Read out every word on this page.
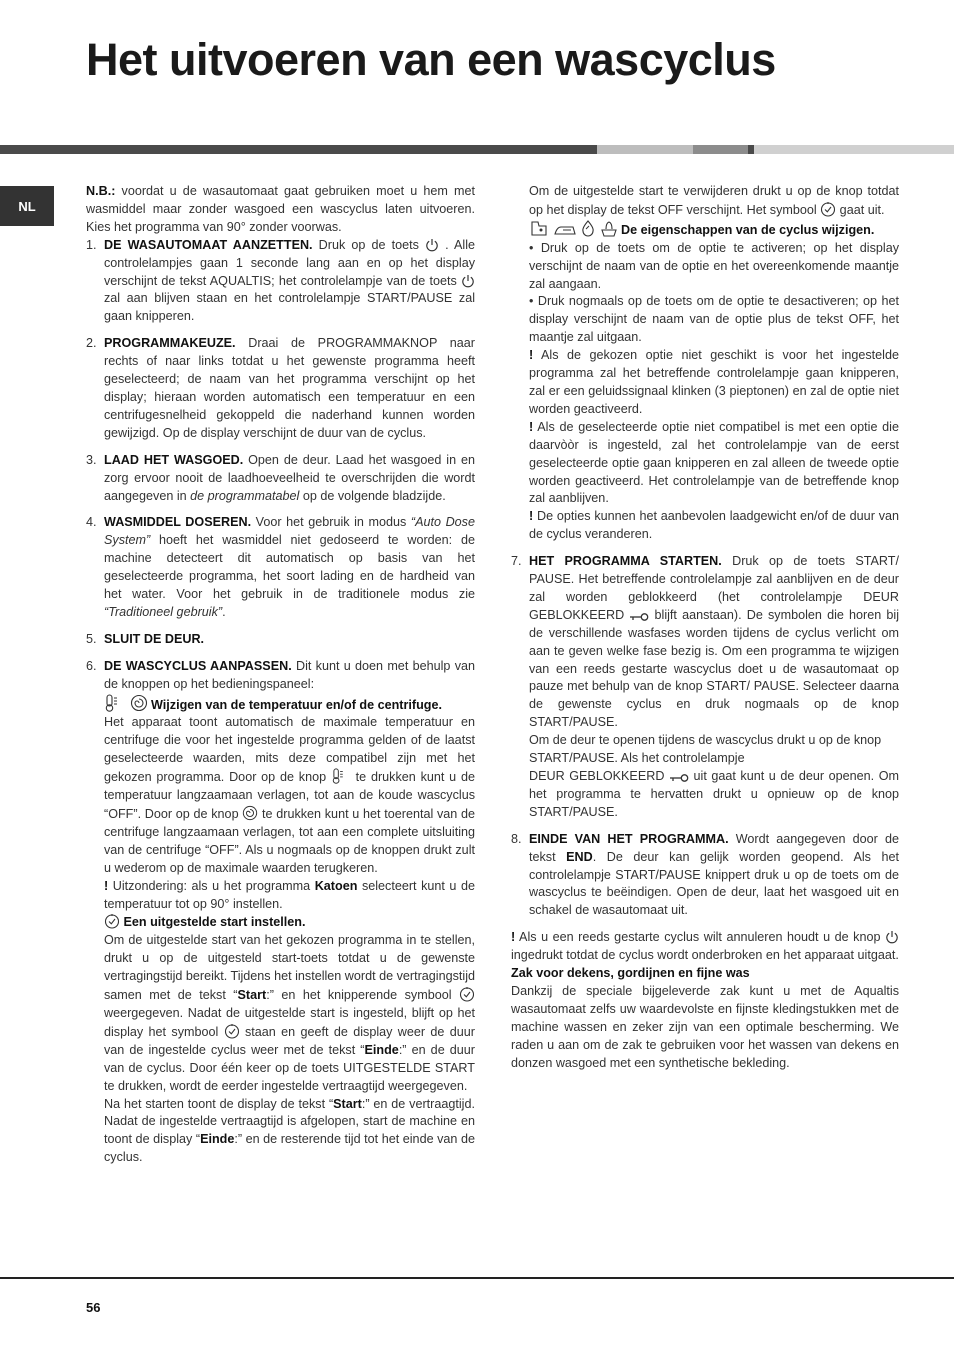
Het uitvoeren van een wascyclus
NL

N.B.: voordat u de wasautomaat gaat gebruiken moet u hem met wasmiddel maar zonder wasgoed een wascyclus laten uitvoeren. Kies het programma van 90° zonder voorwas.

1. DE WASAUTOMAAT AANZETTEN. Druk op de toets
. Alle controlelampjes gaan 1 seconde lang aan en op het display verschijnt de tekst AQUALTIS; het controlelampje van de toets
zal aan blijven staan en het controlelampje START/PAUSE zal gaan knipperen.

2. PROGRAMMAKEUZE. Draai de PROGRAMMAKNOP naar rechts of naar links totdat u het gewenste programma heeft geselecteerd; de naam van het programma verschijnt op het display; hieraan worden automatisch een temperatuur en een centrifugesnelheid gekoppeld die naderhand kunnen worden gewijzigd. Op de display verschijnt de duur van de cyclus.

3. LAAD HET WASGOED. Open de deur. Laad het wasgoed in en zorg ervoor nooit de laadhoeveelheid te overschrijden die wordt aangegeven in de programmatabel op de volgende bladzijde.

4. WASMIDDEL DOSEREN. Voor het gebruik in modus “Auto Dose System” hoeft het wasmiddel niet gedoseerd te worden: de machine detecteert dit automatisch op basis van het geselecteerde programma, het soort lading en de hardheid van het water. Voor het gebruik in de traditionele modus zie “Traditioneel gebruik”.

5. SLUIT DE DEUR.

6. DE WASCYCLUS AANPASSEN. Dit kunt u doen met behulp van de knoppen op het bedieningspaneel:

Wijzigen van de temperatuur en/of de centrifuge.

Het apparaat toont automatisch de maximale temperatuur en centrifuge die voor het ingestelde programma gelden of de laatst geselecteerde waarden, mits deze compatibel zijn met het gekozen programma. Door op de knop
te drukken kunt u de temperatuur langzaamaan verlagen, tot aan de koude wascyclus “OFF”. Door op de knop
te drukken kunt u het toerental van de centrifuge langzaamaan verlagen, tot aan een complete uitsluiting van de centrifuge “OFF”. Als u nogmaals op de knoppen drukt zult u wederom op de maximale waarden terugkeren.

! Uitzondering: als u het programma Katoen selecteert kunt u de temperatuur tot op 90° instellen.

Een uitgestelde start instellen.

Om de uitgestelde start van het gekozen programma in te stellen, drukt u op de uitgesteld start-toets totdat u de gewenste vertragingstijd bereikt. Tijdens het instellen wordt de vertragingstijd samen met de tekst “Start:” en het knipperende symbool
weergegeven. Nadat de uitgestelde start is ingesteld, blijft op het display het symbool
staan en geeft de display weer de duur van de ingestelde cyclus weer met de tekst “Einde:” en de duur van de cyclus. Door één keer op de toets UITGESTELDE START te drukken, wordt de eerder ingestelde vertraagtijd weergegeven.

Na het starten toont de display de tekst “Start:” en de vertraagtijd. Nadat de ingestelde vertraagtijd is afgelopen, start de machine en toont de display “Einde:” en de resterende tijd tot het einde van de cyclus.

Om de uitgestelde start te verwijderen drukt u op de knop totdat op het display de tekst OFF verschijnt. Het symbool
gaat uit.

De eigenschappen van de cyclus wijzigen.

• Druk op de toets om de optie te activeren; op het display verschijnt de naam van de optie en het overeenkomende maantje zal aangaan.

• Druk nogmaals op de toets om de optie te desactiveren; op het display verschijnt de naam van de optie plus de tekst OFF, het maantje zal uitgaan.

! Als de gekozen optie niet geschikt is voor het ingestelde programma zal het betreffende controlelampje gaan knipperen, zal er een geluidssignaal klinken (3 pieptonen) en zal de optie niet worden geactiveerd.

! Als de geselecteerde optie niet compatibel is met een optie die daarvòòr is ingesteld, zal het controlelampje van de eerst geselecteerde optie gaan knipperen en zal alleen de tweede optie worden geactiveerd. Het controlelampje van de betreffende knop zal aanblijven.

! De opties kunnen het aanbevolen laadgewicht en/of de duur van de cyclus veranderen.

7. HET PROGRAMMA STARTEN. Druk op de toets START/ PAUSE. Het betreffende controlelampje zal aanblijven en de deur zal worden geblokkeerd (het controlelampje DEUR GEBLOKKEERD
blijft aanstaan). De symbolen die horen bij de verschillende wasfases worden tijdens de cyclus verlicht om aan te geven welke fase bezig is. Om een programma te wijzigen van een reeds gestarte wascyclus doet u de wasautomaat op pauze met behulp van de knop START/ PAUSE. Selecteer daarna de gewenste cyclus en druk nogmaals op de knop START/PAUSE.

Om de deur te openen tijdens de wascyclus drukt u op de knop START/PAUSE. Als het controlelampje

DEUR GEBLOKKEERD
uit gaat kunt u de deur openen. Om het programma te hervatten drukt u opnieuw op de knop START/PAUSE.

8. EINDE VAN HET PROGRAMMA. Wordt aangegeven door de tekst END. De deur kan gelijk worden geopend. Als het controlelampje START/PAUSE knippert druk u op de toets om de wascyclus te beëindigen. Open de deur, laat het wasgoed uit en schakel de wasautomaat uit.

! Als u een reeds gestarte cyclus wilt annuleren houdt u de knop
ingedrukt totdat de cyclus wordt onderbroken en het apparaat uitgaat.

Zak voor dekens, gordijnen en fijne was

Dankzij de speciale bijgeleverde zak kunt u met de Aqualtis wasautomaat zelfs uw waardevolste en fijnste kledingstukken met de machine wassen en zeker zijn van een optimale bescherming. We raden u aan om de zak te gebruiken voor het wassen van dekens en donzen wasgoed met een synthetische bekleding.

56
